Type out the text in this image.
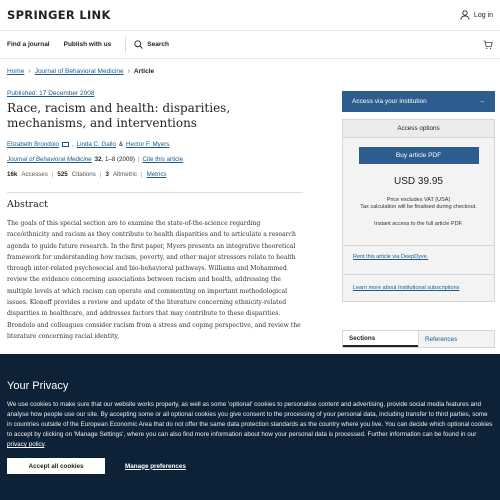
SPRINGER LINK	Log in
Find a journal Publish with us	Search
Home › Journal of Behavioral Medicine › Article
Published: 17 December 2008
Race, racism and health: disparities, mechanisms, and interventions
Elizabeth Brondolo , Linda C. Gallo & Hector F. Myers
Journal of Behavioral Medicine 32 , 1–8 (2009) | Cite this article
16k Accesses | 525 Citations | 3 Altmetric | Metrics
Abstract

The goals of this special section are to examine the state-of-the-science regarding race/ethnicity and racism as they contribute to health disparities and to articulate a research agenda to guide future research. In the first paper, Myers presents an integrative theoretical framework for understanding how racism, poverty, and other major stressors relate to health through inter-related psychosocial and bio-behavioral pathways. Williams and Mohammed review the evidence concerning associations between racism and health, addressing the multiple levels at which racism can operate and commenting on important methodological issues. Klonoff provides a review and update of the literature concerning ethnicity-related disparities in healthcare, and addresses factors that may contribute to these disparities. Brondolo and colleagues consider racism from a stress and coping perspective, and review the literature concerning racial identity,

Access via your institution	→
Access options
Buy article PDF
USD 39.95
Price excludes VAT (USA)
Tax calculation will be finalised during checkout.
Instant access to the full article PDF.
Rent this article via DeepDyve.
Learn more about Institutional subscriptions
Sections	References
Your Privacy

We use cookies to make sure that our website works properly, as well as some 'optional' cookies to personalise content and advertising, provide social media features and analyse how people use our site. By accepting some or all optional cookies you give consent to the processing of your personal data, including transfer to third parties, some in countries outside of the European Economic Area that do not offer the same data protection standards as the country where you live. You can decide which optional cookies to accept by clicking on 'Manage Settings', where you can also find more information about how your personal data is processed. Further information can be found in our privacy policy.

Accept all cookies	Manage preferences
